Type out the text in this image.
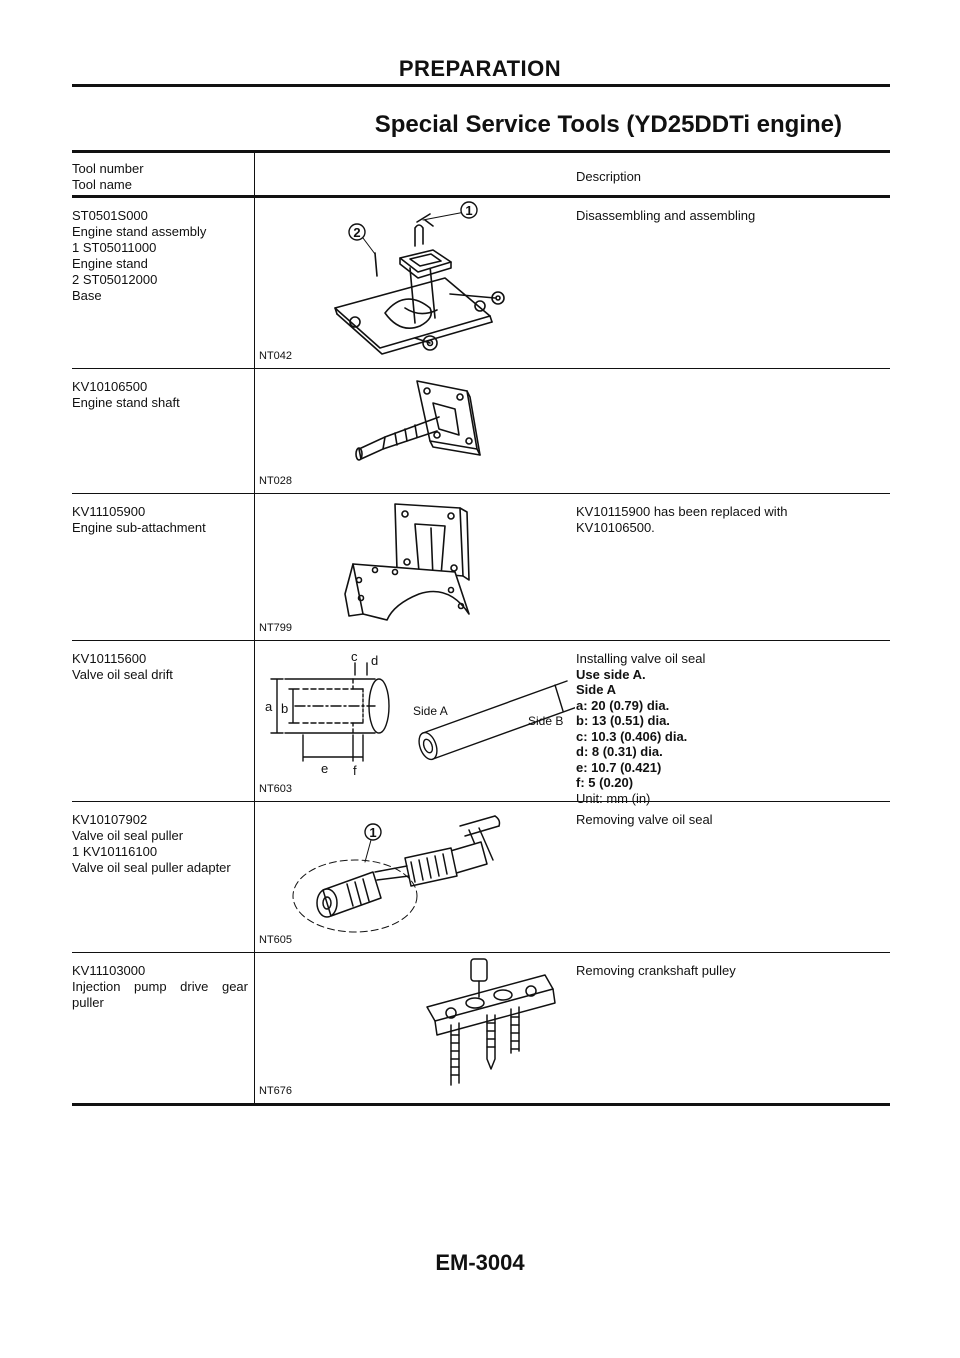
PREPARATION
Special Service Tools (YD25DDTi engine)
Tool number
Tool name
Description
ST0501S000
Engine stand assembly
1 ST05011000
Engine stand
2 ST05012000
Base
1
2
NT042
Disassembling and assembling
KV10106500
Engine stand shaft
NT028
KV11105900
Engine sub-attachment
NT799
KV10115900 has been replaced with
KV10106500.
KV10115600
Valve oil seal drift
a b
c d
e f
Side A
Side B
NT603
Installing valve oil seal
Use side A.
Side A
a: 20 (0.79) dia.
b: 13 (0.51) dia.
c: 10.3 (0.406) dia.
d: 8 (0.31) dia.
e: 10.7 (0.421)
f: 5 (0.20)
Unit: mm (in)
KV10107902
Valve oil seal puller
1 KV10116100
Valve oil seal puller adapter
1
NT605
Removing valve oil seal
KV11103000
Injection pump drive gear
puller
NT676
Removing crankshaft pulley
EM-3004
